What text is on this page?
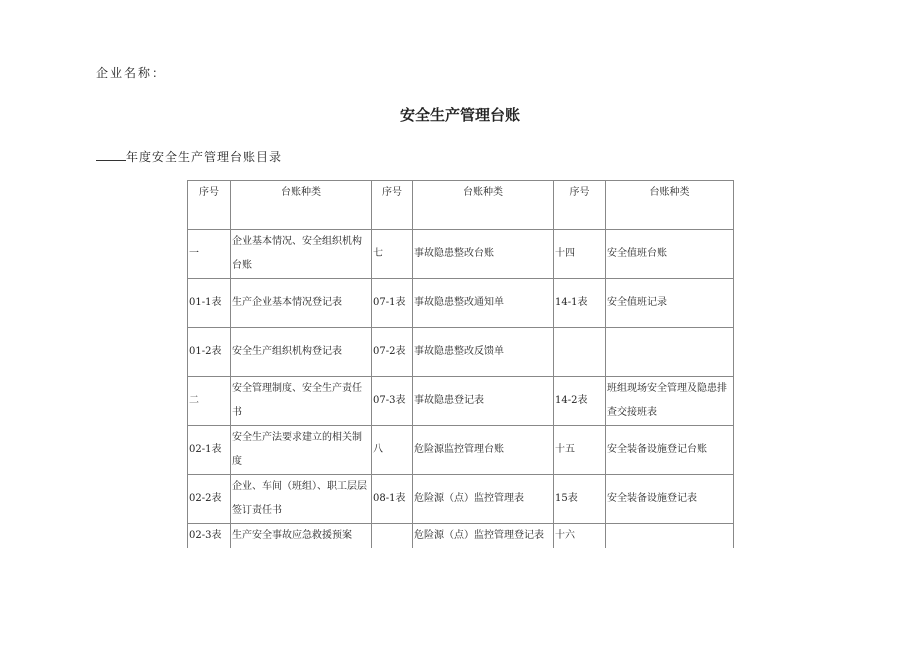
企业名称：
安全生产管理台账
年度安全生产管理台账目录
序号	台账种类	序号	台账种类	序号	台账种类
一	企业基本情况、安全组织机构台账	七	事故隐患整改台账	十四	安全值班台账
01-1表	生产企业基本情况登记表	07-1表	事故隐患整改通知单	14-1表	安全值班记录
01-2表	安全生产组织机构登记表	07-2表	事故隐患整改反馈单		
二	安全管理制度、安全生产责任书	07-3表	事故隐患登记表	14-2表	班组现场安全管理及隐患排查交接班表
02-1表	安全生产法要求建立的相关制度	八	危险源监控管理台账	十五	安全装备设施登记台账
02-2表	企业、车间（班组）、职工层层签订责任书	08-1表	危险源（点）监控管理表	15表	安全装备设施登记表
02-3表	生产安全事故应急救援预案		危险源（点）监控管理登记表	十六	
